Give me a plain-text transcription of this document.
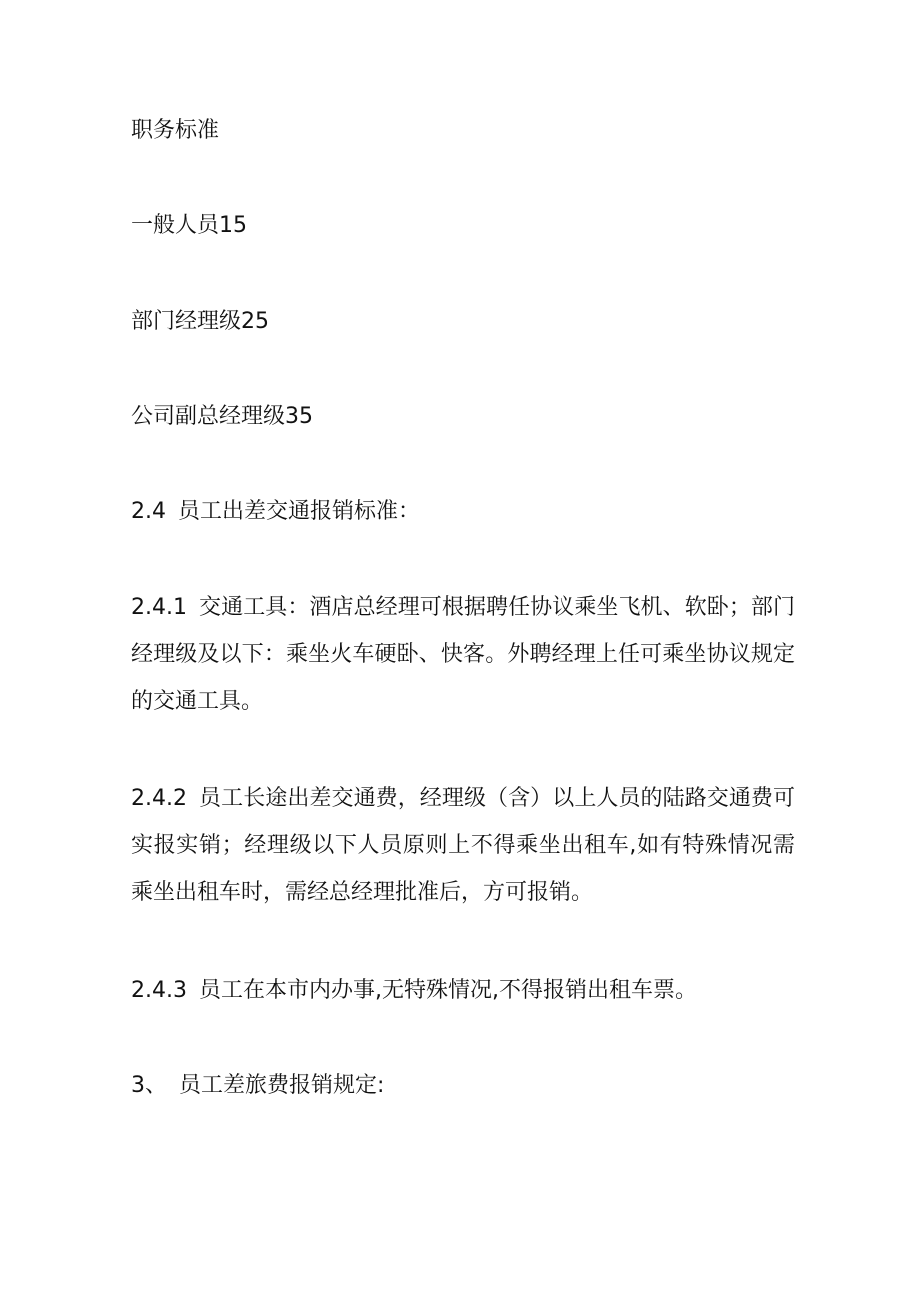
职务标准
一般人员15
部门经理级25
公司副总经理级35
2.4 员工出差交通报销标准：
2.4.1 交通工具：酒店总经理可根据聘任协议乘坐飞机、软卧；部门经理级及以下：乘坐火车硬卧、快客。外聘经理上任可乘坐协议规定的交通工具。
2.4.2 员工长途出差交通费，经理级（含）以上人员的陆路交通费可实报实销；经理级以下人员原则上不得乘坐出租车,如有特殊情况需乘坐出租车时，需经总经理批准后，方可报销。
2.4.3 员工在本市内办事,无特殊情况,不得报销出租车票。
3、 员工差旅费报销规定:
